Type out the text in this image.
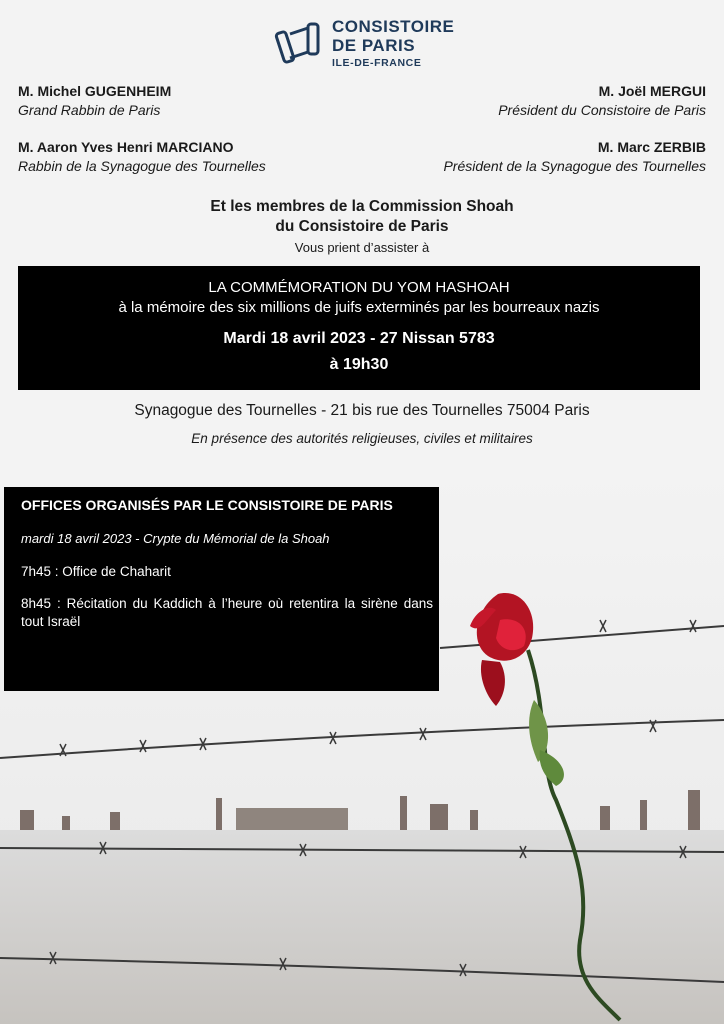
CONSISTOIRE
DE PARIS
ILE-DE-FRANCE
M. Michel GUGENHEIM
Grand Rabbin de Paris
M. Joël MERGUI
Président du Consistoire de Paris
M. Aaron Yves Henri MARCIANO
Rabbin de la Synagogue des Tournelles
M. Marc ZERBIB
Président de la Synagogue des Tournelles
Et les membres de la Commission Shoah
du Consistoire de Paris
Vous prient d’assister à
LA COMMÉMORATION DU YOM HASHOAH
à la mémoire des six millions de juifs exterminés par les bourreaux nazis
Mardi 18 avril 2023 - 27 Nissan 5783
à 19h30
Synagogue des Tournelles - 21 bis rue des Tournelles 75004 Paris
En présence des autorités religieuses, civiles et militaires
OFFICES ORGANISÉS PAR LE CONSISTOIRE DE PARIS
mardi 18 avril 2023 - Crypte du Mémorial de la Shoah
7h45 : Office de Chaharit
8h45 : Récitation du Kaddich à l’heure où retentira la sirène dans tout Israël
